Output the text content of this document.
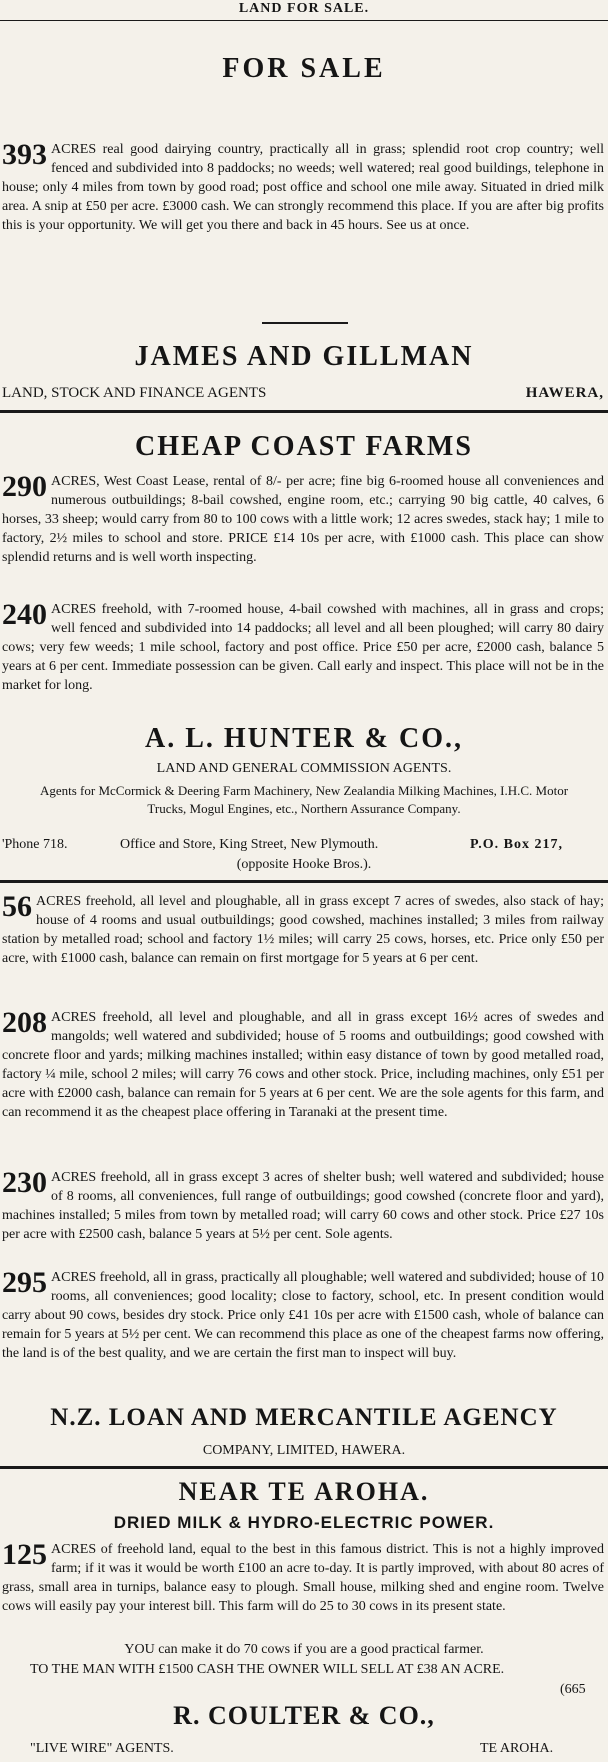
LAND FOR SALE.
FOR SALE
393 ACRES real good dairying country, practically all in grass; splendid root crop country; well fenced and subdivided into 8 paddocks; no weeds; well watered; real good buildings, telephone in house; only 4 miles from town by good road; post office and school one mile away. Situated in dried milk area. A snip at £50 per acre. £3000 cash. We can strongly recommend this place. If you are after big profits this is your opportunity. We will get you there and back in 45 hours. See us at once.

JAMES AND GILLMAN
LAND, STOCK AND FINANCE AGENTS	HAWERA,
CHEAP COAST FARMS
290 ACRES, West Coast Lease, rental of 8/- per acre; fine big 6-roomed house all conveniences and numerous outbuildings; 8-bail cowshed, engine room, etc.; carrying 90 big cattle, 40 calves, 6 horses, 33 sheep; would carry from 80 to 100 cows with a little work; 12 acres swedes, stack hay; 1 mile to factory, 2½ miles to school and store. PRICE £14 10s per acre, with £1000 cash. This place can show splendid returns and is well worth inspecting.

240 ACRES freehold, with 7-roomed house, 4-bail cowshed with machines, all in grass and crops; well fenced and subdivided into 14 paddocks; all level and all been ploughed; will carry 80 dairy cows; very few weeds; 1 mile school, factory and post office. Price £50 per acre, £2000 cash, balance 5 years at 6 per cent. Immediate possession can be given. Call early and inspect. This place will not be in the market for long.

A. L. HUNTER & CO.,
LAND AND GENERAL COMMISSION AGENTS.
Agents for McCormick & Deering Farm Machinery, New Zealandia Milking Machines, I.H.C. Motor Trucks, Mogul Engines, etc., Northern Assurance Company.
'Phone 718.	Office and Store, King Street, New Plymouth.	P.O. Box 217,
(opposite Hooke Bros.).
56 ACRES freehold, all level and ploughable, all in grass except 7 acres of swedes, also stack of hay; house of 4 rooms and usual outbuildings; good cowshed, machines installed; 3 miles from railway station by metalled road; school and factory 1½ miles; will carry 25 cows, horses, etc. Price only £50 per acre, with £1000 cash, balance can remain on first mortgage for 5 years at 6 per cent.

208 ACRES freehold, all level and ploughable, and all in grass except 16½ acres of swedes and mangolds; well watered and subdivided; house of 5 rooms and outbuildings; good cowshed with concrete floor and yards; milking machines installed; within easy distance of town by good metalled road, factory ¼ mile, school 2 miles; will carry 76 cows and other stock. Price, including machines, only £51 per acre with £2000 cash, balance can remain for 5 years at 6 per cent. We are the sole agents for this farm, and can recommend it as the cheapest place offering in Taranaki at the present time.

230 ACRES freehold, all in grass except 3 acres of shelter bush; well watered and subdivided; house of 8 rooms, all conveniences, full range of outbuildings; good cowshed (concrete floor and yard), machines installed; 5 miles from town by metalled road; will carry 60 cows and other stock. Price £27 10s per acre with £2500 cash, balance 5 years at 5½ per cent. Sole agents.

295 ACRES freehold, all in grass, practically all ploughable; well watered and subdivided; house of 10 rooms, all conveniences; good locality; close to factory, school, etc. In present condition would carry about 90 cows, besides dry stock. Price only £41 10s per acre with £1500 cash, whole of balance can remain for 5 years at 5½ per cent. We can recommend this place as one of the cheapest farms now offering, the land is of the best quality, and we are certain the first man to inspect will buy.

N.Z. LOAN AND MERCANTILE AGENCY
COMPANY, LIMITED, HAWERA.
NEAR TE AROHA.
DRIED MILK & HYDRO-ELECTRIC POWER.
125 ACRES of freehold land, equal to the best in this famous district. This is not a highly improved farm; if it was it would be worth £100 an acre to-day. It is partly improved, with about 80 acres of grass, small area in turnips, balance easy to plough. Small house, milking shed and engine room. Twelve cows will easily pay your interest bill. This farm will do 25 to 30 cows in its present state.

YOU can make it do 70 cows if you are a good practical farmer.
TO THE MAN WITH £1500 CASH THE OWNER WILL SELL AT £38 AN ACRE.
(665
R. COULTER & CO.,
"LIVE WIRE" AGENTS.	TE AROHA.
